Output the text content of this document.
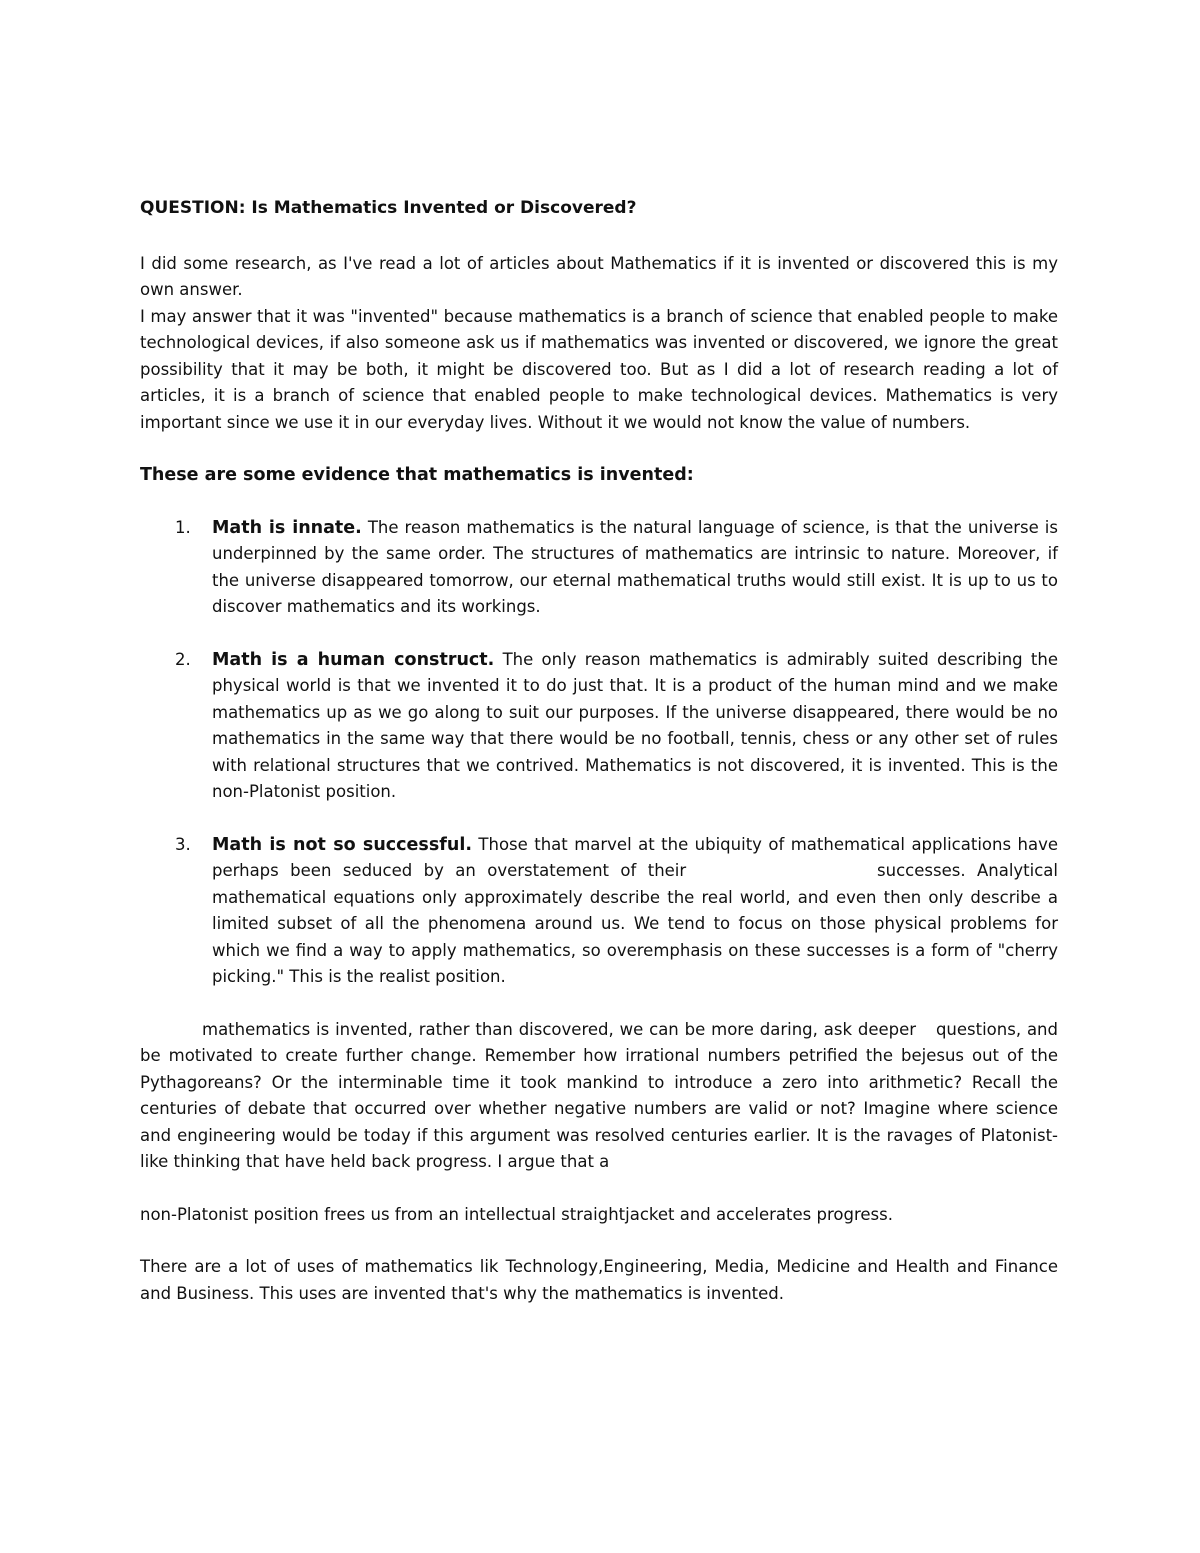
QUESTION: Is Mathematics Invented or Discovered?

I did some research, as I've read a lot of articles about Mathematics if it is invented or discovered this is my own answer.

I may answer that it was "invented" because mathematics is a branch of science that enabled people to make technological devices, if also someone ask us if mathematics was invented or discovered, we ignore the great possibility that it may be both, it might be discovered too. But as I did a lot of research reading a lot of articles, it is a branch of science that enabled people to make technological devices. Mathematics is very important since we use it in our everyday lives. Without it we would not know the value of numbers.

These are some evidence that mathematics is invented:
1. Math is innate. The reason mathematics is the natural language of science, is that the universe is underpinned by the same order. The structures of mathematics are intrinsic to nature. Moreover, if the universe disappeared tomorrow, our eternal mathematical truths would still exist. It is up to us to discover mathematics and its workings.
2. Math is a human construct. The only reason mathematics is admirably suited describing the physical world is that we invented it to do just that. It is a product of the human mind and we make mathematics up as we go along to suit our purposes. If the universe disappeared, there would be no mathematics in the same way that there would be no football, tennis, chess or any other set of rules with relational structures that we contrived. Mathematics is not discovered, it is invented. This is the non-Platonist position.
3. Math is not so successful. Those that marvel at the ubiquity of mathematical applications have perhaps been seduced by an overstatement of their	successes. Analytical mathematical equations only approximately describe the real world, and even then only describe a limited subset of all the phenomena around us. We tend to focus on those physical problems for which we find a way to apply mathematics, so overemphasis on these successes is a form of "cherry picking." This is the realist position.

mathematics is invented, rather than discovered, we can be more daring, ask deeper questions, and be motivated to create further change. Remember how irrational numbers petrified the bejesus out of the Pythagoreans? Or the interminable time it took mankind to introduce a zero into arithmetic? Recall the centuries of debate that occurred over whether negative numbers are valid or not? Imagine where science and engineering would be today if this argument was resolved centuries earlier. It is the ravages of Platonist-like thinking that have held back progress. I argue that a

non-Platonist position frees us from an intellectual straightjacket and accelerates progress.

There are a lot of uses of mathematics lik Technology,Engineering, Media, Medicine and Health and Finance and Business. This uses are invented that's why the mathematics is invented.
